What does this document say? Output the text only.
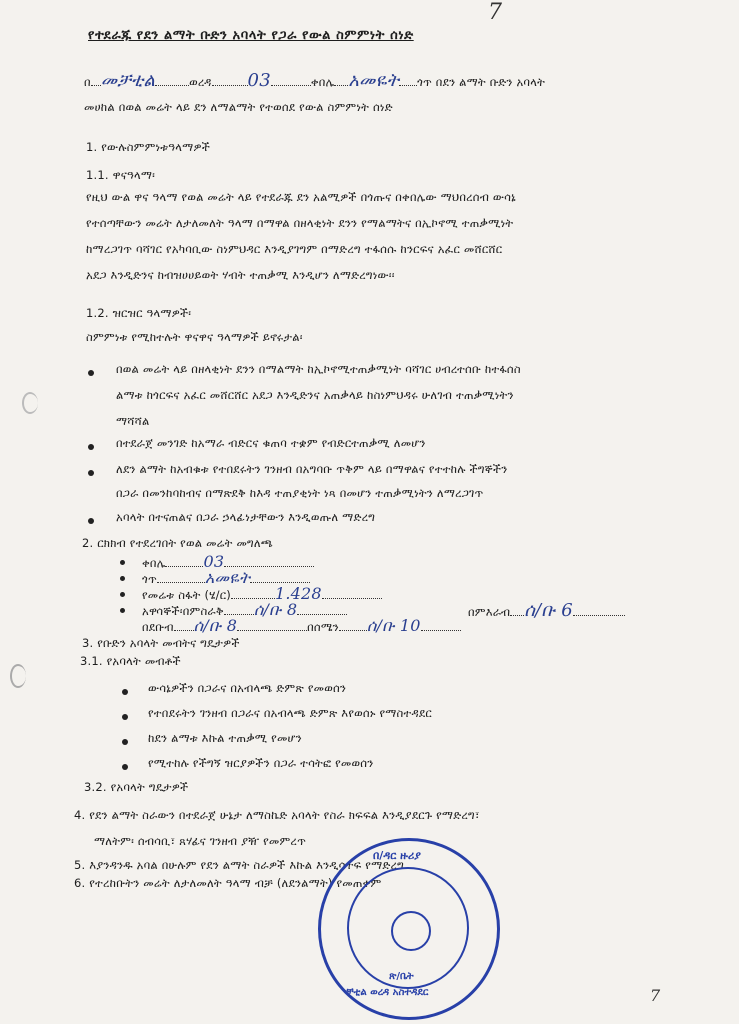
7
7
የተደራጁ የደን ልማት ቡድን አባላት የጋራ የውል ስምምነት ሰነድ
በ መቻቲል	ወረዳ 03	ቀበሌ አመዬት ጎጥ በደን ልማት ቡድን አባላት
መሀከል በወል መሬት ላይ ደን ለማልማት የተወሰደ የውል ስምምነት ሰነድ
1. የውሉስምምነቱዓላማዎች
1.1. ዋናዓላማ፡
የዚህ ውል ዋና ዓላማ የወል መሬት ላይ የተደራጁ ደን አልሚዎች በጎጡና በቀበሌው ማህበረሰብ ውሳኔ
የተሰጣቸውን መሬት ለታለመለት ዓላማ በማዋል በዘላቂነት ደንን የማልማትና በኢኮኖሚ ተጠቃሚነት
ከማረጋገጥ ባሻገር የአካባቢው ስነምህዳር እንዲያገግም በማድረግ ተፋሰሱ ከንርፍና አፈር መሸርሸር
አደጋ እንዲድንና ከብዝሀሀይወት ሃብት ተጠቃሚ እንዲሆን ለማድረግነው፡፡
1.2. ዝርዝር ዓላማዎች፡
ስምምነቱ የሚከተሉት ዋናዋና ዓላማዎች ይኖሩታል፡
በወል መሬት ላይ በዘላቂነት ደንን በማልማት ከኢኮኖሚተጠቃሚነት ባሻገር ሀብረተሰቡ ከተፋሰስ
ልማቱ ከጎርፍና አፈር መሸርሸር አደጋ እንዲድንና አጠቃላይ ከስነምህዳሩ ሁለገብ ተጠቃሚነትን
ማሻሻል
በተደራጀ መንገድ ከአማራ ብድርና ቁጠባ ተቋም የብድርተጠቃሚ ለመሆን
ለደን ልማት ከአብቁቱ የተበደሩትን ገንዘብ በአግባቡ ጥቅም ላይ በማዋልና የተተከሉ ችግኞችን
በጋራ በመንከባከብና በማጽደቅ ከእዳ ተጠያቂነት ነጻ በመሆን ተጠቃሚነትን ለማረጋገጥ
አባላት በተናጠልና በጋራ ኃላፊነታቸውን እንዲወጡለ ማድረግ
2. ርክክብ የተደረገበት የወል መሬት መግለጫ
ቀበሌ 03
ጎጥ	አመዬት
የመሬቱ ስፋት (ሄ/ር)	1.428
አዋሳኞች፡በምስራቅ ሰ/ቡ 8	በምእራብ ሰ/ቡ 6
በደቡብ ሰ/ቡ 8	በሰሜን ሰ/ቡ 10
3. የቡድን አባላት መብትና ግዴታዎች
3.1. የአባላት መብቶች
ውሳኔዎችን በጋራና በአብላጫ ድምጽ የመወሰን
የተበደሩትን ገንዘብ በጋራና በአብላጫ ድምጽ እየወሰኑ የማስተዳደር
ከደን ልማቱ እኩል ተጠቃሚ የመሆን
የሚተከሉ የችግኝ ዝርያዎችን በጋራ ተሳትፎ የመወሰን
3.2. የአባላት ግዴታዎች
4. የደን ልማት ስራውን በተደራጀ ሁኔታ ለማስኬድ አባላት የስራ ክፍፍል እንዲያደርጉ የማድረግ፣
ማለትም፡ ሰብሳቢ፣ ጸሃፊና ገንዘብ ያዥ የመምረጥ
5. እያንዳንዱ አባል በሁሉም የደን ልማት ስራዎች እኩል እንዲሳተፍ የማድረግ
6. የተረከቡትን መሬት ለታለመለት ዓላማ ብቻ (ለደንልማት) የመጠቀም
በ/ዳር ዙሪያ
መቻቲል ወረዳ አስተዳደር
ጽ/ቤት
